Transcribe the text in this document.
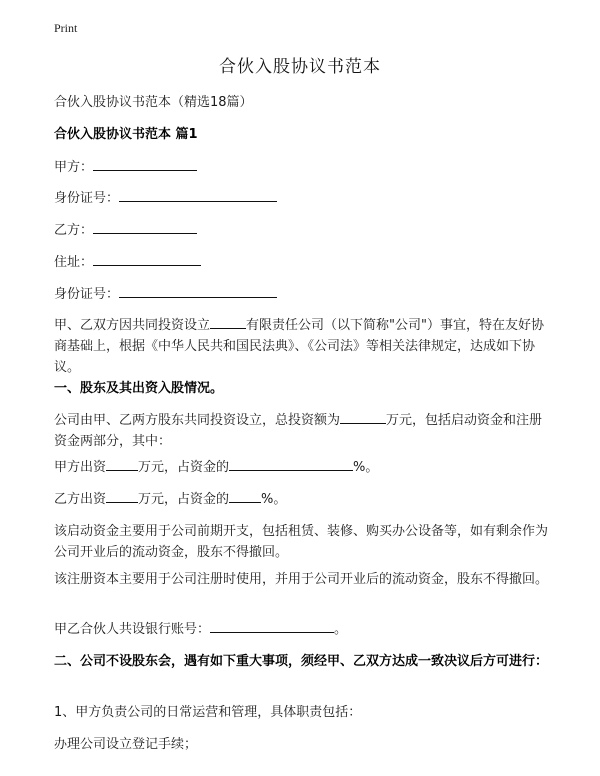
Print
合伙入股协议书范本

合伙入股协议书范本（精选18篇）

合伙入股协议书范本 篇1

甲方：

身份证号：

乙方：

住址：

身份证号：

甲、乙双方因共同投资设立	有限责任公司（以下简称"公司"）事宜，特在友好协商基础上，根据《中华人民共和国民法典》、《公司法》等相关法律规定，达成如下协议。

一、股东及其出资入股情况。

公司由甲、乙两方股东共同投资设立，总投资额为	万元，包括启动资金和注册资金两部分，其中：

甲方出资 万元，占资金的	%。

乙方出资 万元，占资金的 %。

该启动资金主要用于公司前期开支，包括租赁、装修、购买办公设备等，如有剩余作为公司开业后的流动资金，股东不得撤回。

该注册资本主要用于公司注册时使用，并用于公司开业后的流动资金，股东不得撤回。

甲乙合伙人共设银行账号：	。

二、公司不设股东会，遇有如下重大事项，须经甲、乙双方达成一致决议后方可进行：

1、甲方负责公司的日常运营和管理，具体职责包括：

办理公司设立登记手续；
